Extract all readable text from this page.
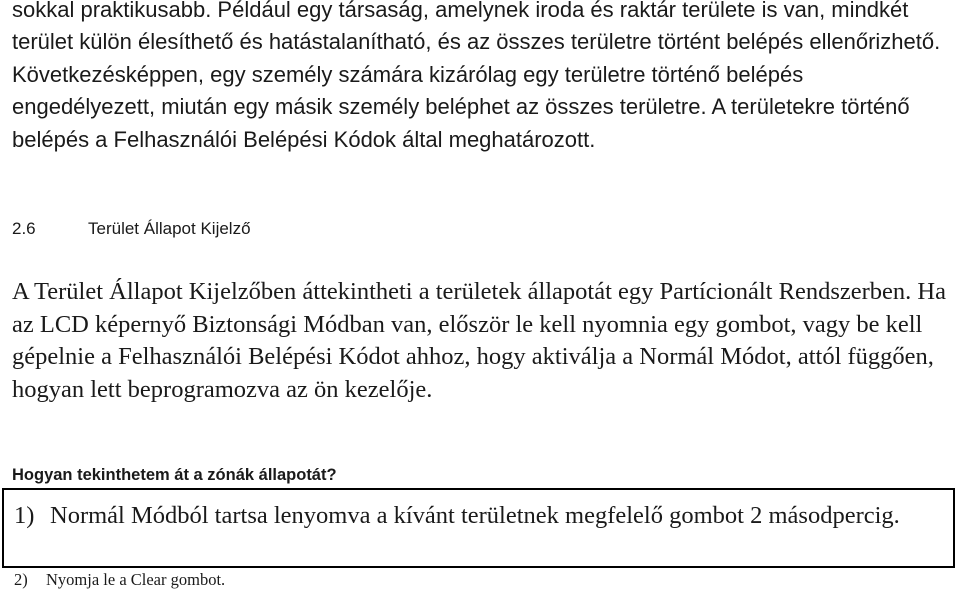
sokkal praktikusabb. Például egy társaság, amelynek iroda és raktár területe is van, mindkét terület külön élesíthető és hatástalanítható, és az összes területre történt belépés ellenőrizhető. Következésképpen, egy személy számára kizárólag egy területre történő belépés engedélyezett, miután egy másik személy beléphet az összes területre. A területekre történő belépés a Felhasználói Belépési Kódok által meghatározott.

2.6	Terület Állapot Kijelző

A Terület Állapot Kijelzőben áttekintheti a területek állapotát egy Partícionált Rendszerben. Ha az LCD képernyő Biztonsági Módban van, először le kell nyomnia egy gombot, vagy be kell gépelnie a Felhasználói Belépési Kódot ahhoz, hogy aktiválja a Normál Módot, attól függően, hogyan lett beprogramozva az ön kezelője.

Hogyan tekinthetem át a zónák állapotát?

1) Normál Módból tartsa lenyomva a kívánt területnek megfelelő gombot 2 másodpercig.

2) Nyomja le a Clear gombot.
